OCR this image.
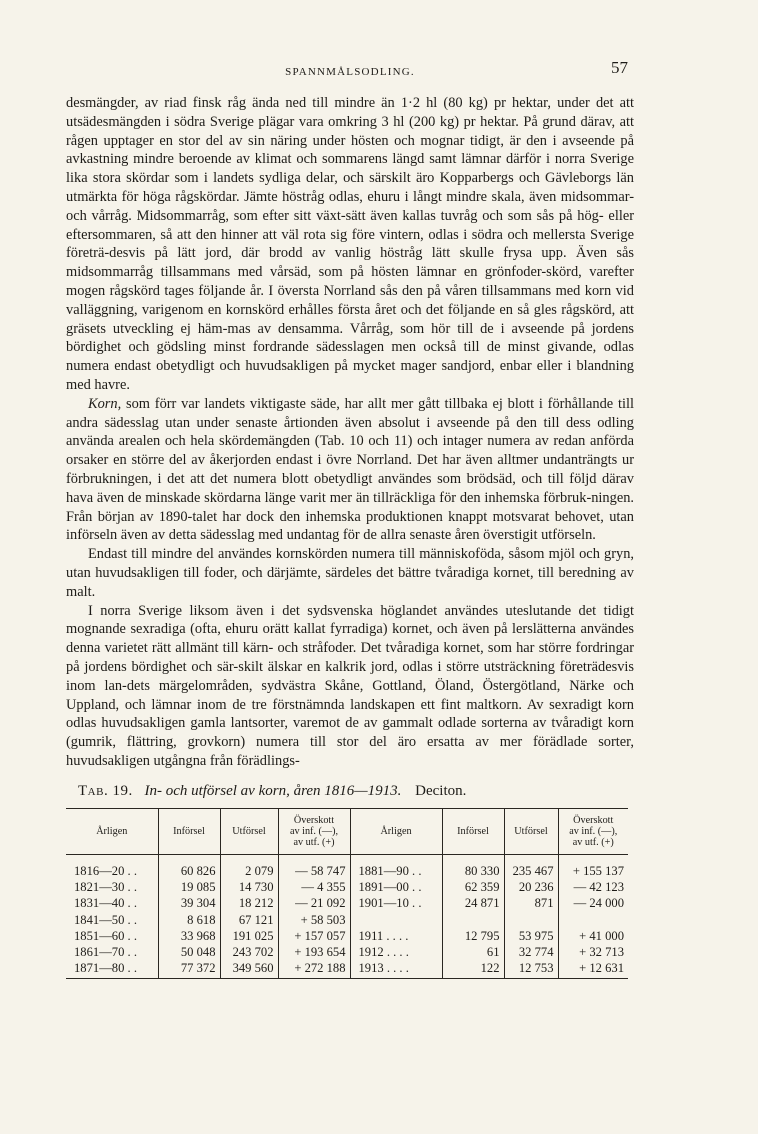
SPANNMÅLSODLING.	57

desmängder, av riad finsk råg ända ned till mindre än 1·2 hl (80 kg) pr hektar, under det att utsädesmängden i södra Sverige plägar vara omkring 3 hl (200 kg) pr hektar. På grund därav, att rågen upptager en stor del av sin näring under hösten och mognar tidigt, är den i avseende på avkastning mindre beroende av klimat och sommarens längd samt lämnar därför i norra Sverige lika stora skördar som i landets sydliga delar, och särskilt äro Kopparbergs och Gävleborgs län utmärkta för höga rågskördar. Jämte höstråg odlas, ehuru i långt mindre skala, även midsommar- och vårråg. Midsommarråg, som efter sitt växt-sätt även kallas tuvråg och som sås på hög- eller eftersommaren, så att den hinner att väl rota sig före vintern, odlas i södra och mellersta Sverige företrä-desvis på lätt jord, där brodd av vanlig höstråg lätt skulle frysa upp. Även sås midsommarråg tillsammans med vårsäd, som på hösten lämnar en grönfoder-skörd, varefter mogen rågskörd tages följande år. I översta Norrland sås den på våren tillsammans med korn vid valläggning, varigenom en kornskörd erhålles första året och det följande en så gles rågskörd, att gräsets utveckling ej häm-mas av densamma. Vårråg, som hör till de i avseende på jordens bördighet och gödsling minst fordrande sädesslagen men också till de minst givande, odlas numera endast obetydligt och huvudsakligen på mycket mager sandjord, enbar eller i blandning med havre.

Korn, som förr var landets viktigaste säde, har allt mer gått tillbaka ej blott i förhållande till andra sädesslag utan under senaste årtionden även absolut i avseende på den till dess odling använda arealen och hela skördemängden (Tab. 10 och 11) och intager numera av redan anförda orsaker en större del av åkerjorden endast i övre Norrland. Det har även alltmer undanträngts ur förbrukningen, i det att det numera blott obetydligt användes som brödsäd, och till följd därav hava även de minskade skördarna länge varit mer än tillräckliga för den inhemska förbruk-ningen. Från början av 1890-talet har dock den inhemska produktionen knappt motsvarat behovet, utan införseln även av detta sädesslag med undantag för de allra senaste åren överstigit utförseln.

Endast till mindre del användes kornskörden numera till människoföda, såsom mjöl och gryn, utan huvudsakligen till foder, och därjämte, särdeles det bättre tvåradiga kornet, till beredning av malt.

I norra Sverige liksom även i det sydsvenska höglandet användes uteslutande det tidigt mognande sexradiga (ofta, ehuru orätt kallat fyrradiga) kornet, och även på lerslätterna användes denna varietet rätt allmänt till kärn- och stråfoder. Det tvåradiga kornet, som har större fordringar på jordens bördighet och sär-skilt älskar en kalkrik jord, odlas i större utsträckning företrädesvis inom lan-dets märgelområden, sydvästra Skåne, Gottland, Öland, Östergötland, Närke och Uppland, och lämnar inom de tre förstnämnda landskapen ett fint maltkorn. Av sexradigt korn odlas huvudsakligen gamla lantsorter, varemot de av gammalt odlade sorterna av tvåradigt korn (gumrik, flättring, grovkorn) numera till stor del äro ersatta av mer förädlade sorter, huvudsakligen utgångna från förädlings-

Tab. 19. In- och utförsel av korn, åren 1816—1913. Deciton.
Årligen	Införsel	Utförsel	Överskott
av inf. (—),
av utf. (+)	Årligen	Införsel	Utförsel	Överskott
av inf. (—),
av utf. (+)
1816—20 . .	60 826	2 079	— 58 747	1881—90 . .	80 330	235 467	+ 155 137
1821—30 . .	19 085	14 730	— 4 355	1891—00 . .	62 359	20 236	— 42 123
1831—40 . .	39 304	18 212	— 21 092	1901—10 . .	24 871	871	— 24 000
1841—50 . .	8 618	67 121	+ 58 503				
1851—60 . .	33 968	191 025	+ 157 057	1911 . . . .	12 795	53 975	+ 41 000
1861—70 . .	50 048	243 702	+ 193 654	1912 . . . .	61	32 774	+ 32 713
1871—80 . .	77 372	349 560	+ 272 188	1913 . . . .	122	12 753	+ 12 631
